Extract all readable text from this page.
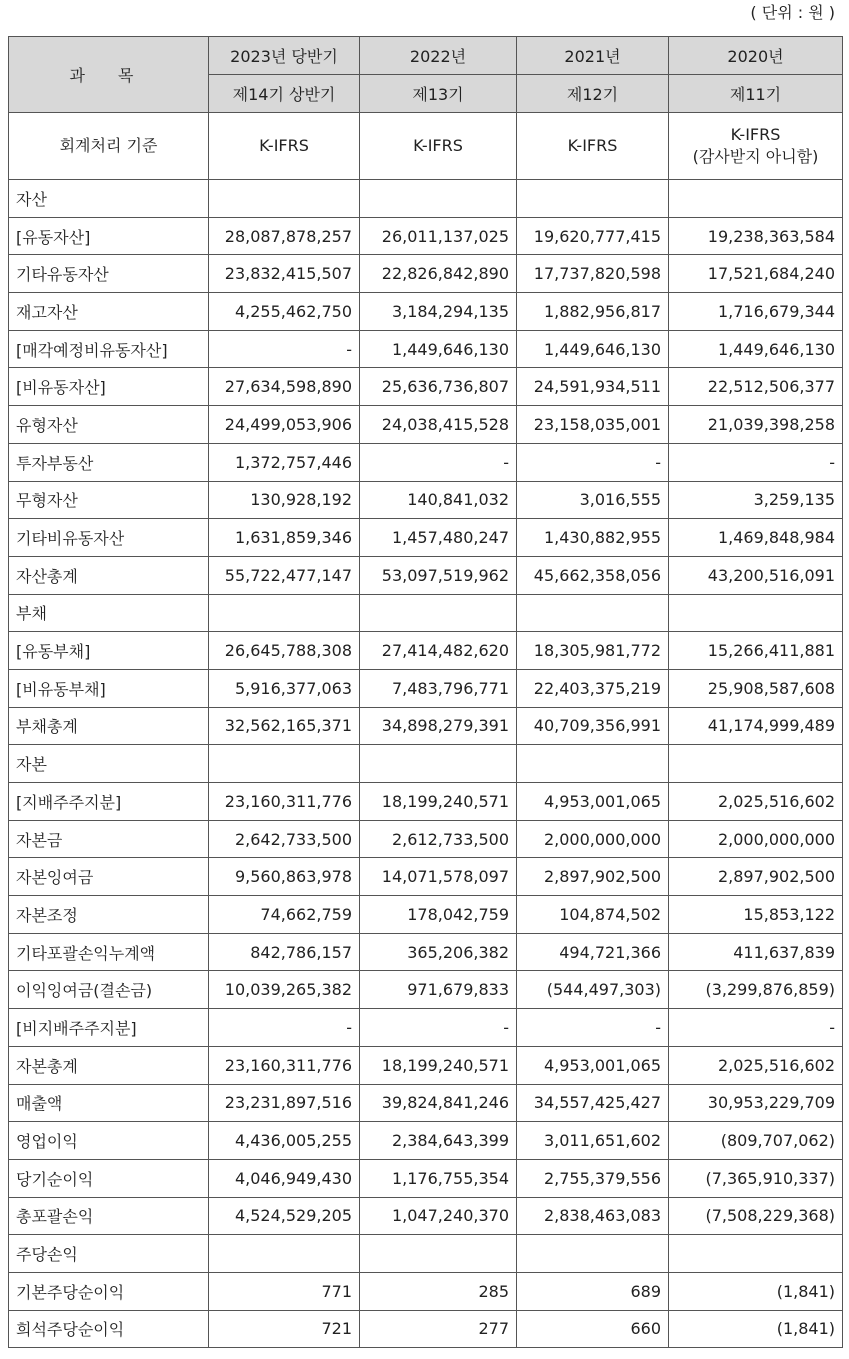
( 단위 : 원 )
과 목	2023년 당반기	2022년	2021년	2020년
	제14기 상반기	제13기	제12기	제11기
회계처리 기준	K-IFRS	K-IFRS	K-IFRS	K-IFRS
(감사받지 아니함)
자산				
[유동자산]	28,087,878,257	26,011,137,025	19,620,777,415	19,238,363,584
기타유동자산	23,832,415,507	22,826,842,890	17,737,820,598	17,521,684,240
재고자산	4,255,462,750	3,184,294,135	1,882,956,817	1,716,679,344
[매각예정비유동자산]	-	1,449,646,130	1,449,646,130	1,449,646,130
[비유동자산]	27,634,598,890	25,636,736,807	24,591,934,511	22,512,506,377
유형자산	24,499,053,906	24,038,415,528	23,158,035,001	21,039,398,258
투자부동산	1,372,757,446	-	-	-
무형자산	130,928,192	140,841,032	3,016,555	3,259,135
기타비유동자산	1,631,859,346	1,457,480,247	1,430,882,955	1,469,848,984
자산총계	55,722,477,147	53,097,519,962	45,662,358,056	43,200,516,091
부채				
[유동부채]	26,645,788,308	27,414,482,620	18,305,981,772	15,266,411,881
[비유동부채]	5,916,377,063	7,483,796,771	22,403,375,219	25,908,587,608
부채총계	32,562,165,371	34,898,279,391	40,709,356,991	41,174,999,489
자본				
[지배주주지분]	23,160,311,776	18,199,240,571	4,953,001,065	2,025,516,602
자본금	2,642,733,500	2,612,733,500	2,000,000,000	2,000,000,000
자본잉여금	9,560,863,978	14,071,578,097	2,897,902,500	2,897,902,500
자본조정	74,662,759	178,042,759	104,874,502	15,853,122
기타포괄손익누계액	842,786,157	365,206,382	494,721,366	411,637,839
이익잉여금(결손금)	10,039,265,382	971,679,833	(544,497,303)	(3,299,876,859)
[비지배주주지분]	-	-	-	-
자본총계	23,160,311,776	18,199,240,571	4,953,001,065	2,025,516,602
매출액	23,231,897,516	39,824,841,246	34,557,425,427	30,953,229,709
영업이익	4,436,005,255	2,384,643,399	3,011,651,602	(809,707,062)
당기순이익	4,046,949,430	1,176,755,354	2,755,379,556	(7,365,910,337)
총포괄손익	4,524,529,205	1,047,240,370	2,838,463,083	(7,508,229,368)
주당손익				
기본주당순이익	771	285	689	(1,841)
희석주당순이익	721	277	660	(1,841)
